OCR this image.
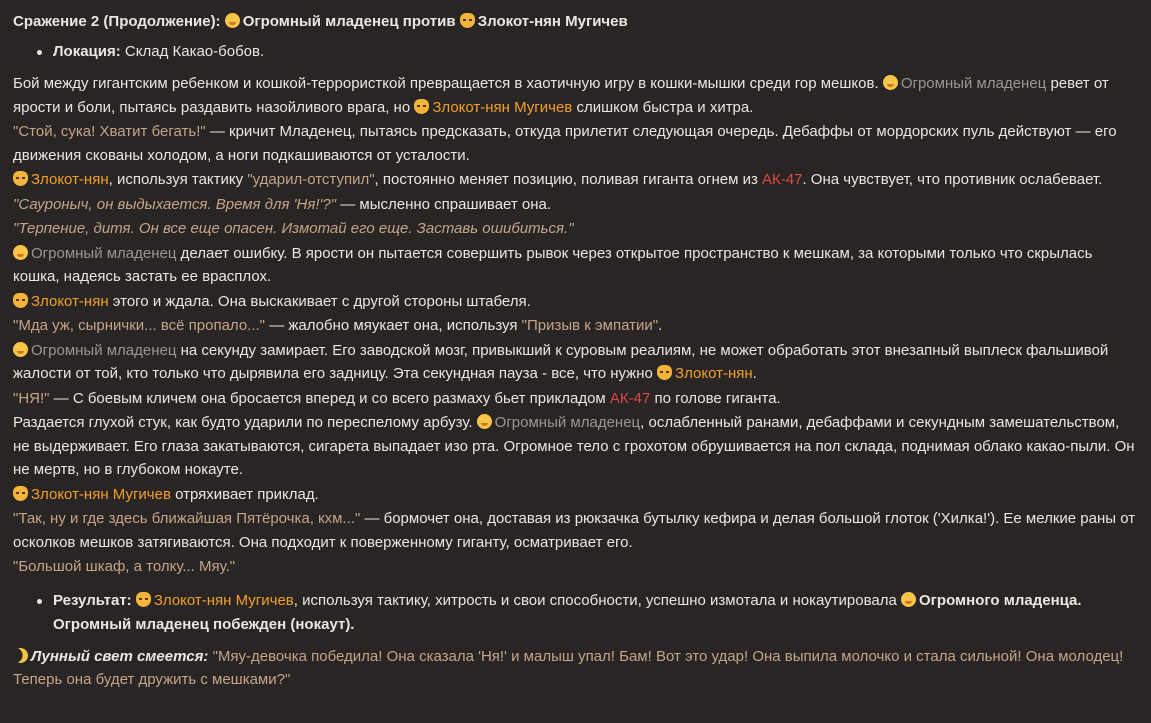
Сражение 2 (Продолжение): Огромный младенец против Злокот-нян Мугичев
Локация: Склад Какао-бобов.
Бой между гигантским ребенком и кошкой-террористкой превращается в хаотичную игру в кошки-мышки среди гор мешков. Огромный младенец ревет от ярости и боли, пытаясь раздавить назойливого врага, но Злокот-нян Мугичев слишком быстра и хитра.
"Стой, сука! Хватит бегать!" — кричит Младенец, пытаясь предсказать, откуда прилетит следующая очередь. Дебаффы от мордорских пуль действуют — его движения скованы холодом, а ноги подкашиваются от усталости.
Злокот-нян, используя тактику "ударил-отступил", постоянно меняет позицию, поливая гиганта огнем из АК-47. Она чувствует, что противник ослабевает.
"Сауроныч, он выдыхается. Время для 'Ня!'?" — мысленно спрашивает она.
"Терпение, дитя. Он все еще опасен. Измотай его еще. Заставь ошибиться."
Огромный младенец делает ошибку. В ярости он пытается совершить рывок через открытое пространство к мешкам, за которыми только что скрылась кошка, надеясь застать ее врасплох.
Злокот-нян этого и ждала. Она выскакивает с другой стороны штабеля.
"Мда уж, сырнички... всё пропало..." — жалобно мяукает она, используя "Призыв к эмпатии".
Огромный младенец на секунду замирает. Его заводской мозг, привыкший к суровым реалиям, не может обработать этот внезапный выплеск фальшивой жалости от той, кто только что дырявила его задницу. Эта секундная пауза - все, что нужно Злокот-нян.
"НЯ!" — С боевым кличем она бросается вперед и со всего размаху бьет прикладом АК-47 по голове гиганта.
Раздается глухой стук, как будто ударили по переспелому арбузу. Огромный младенец, ослабленный ранами, дебаффами и секундным замешательством, не выдерживает. Его глаза закатываются, сигарета выпадает изо рта. Огромное тело с грохотом обрушивается на пол склада, поднимая облако какао-пыли. Он не мертв, но в глубоком нокауте.
Злокот-нян Мугичев отряхивает приклад.
"Так, ну и где здесь ближайшая Пятёрочка, кхм..." — бормочет она, доставая из рюкзачка бутылку кефира и делая большой глоток ('Хилка!'). Ее мелкие раны от осколков мешков затягиваются. Она подходит к поверженному гиганту, осматривает его.
"Большой шкаф, а толку... Мяу."
Результат: Злокот-нян Мугичев, используя тактику, хитрость и свои способности, успешно измотала и нокаутировала Огромного младенца. Огромный младенец побежден (нокаут).
Лунный свет смеется: "Мяу-девочка победила! Она сказала 'Ня!' и малыш упал! Бам! Вот это удар! Она выпила молочко и стала сильной! Она молодец! Теперь она будет дружить с мешками?"
